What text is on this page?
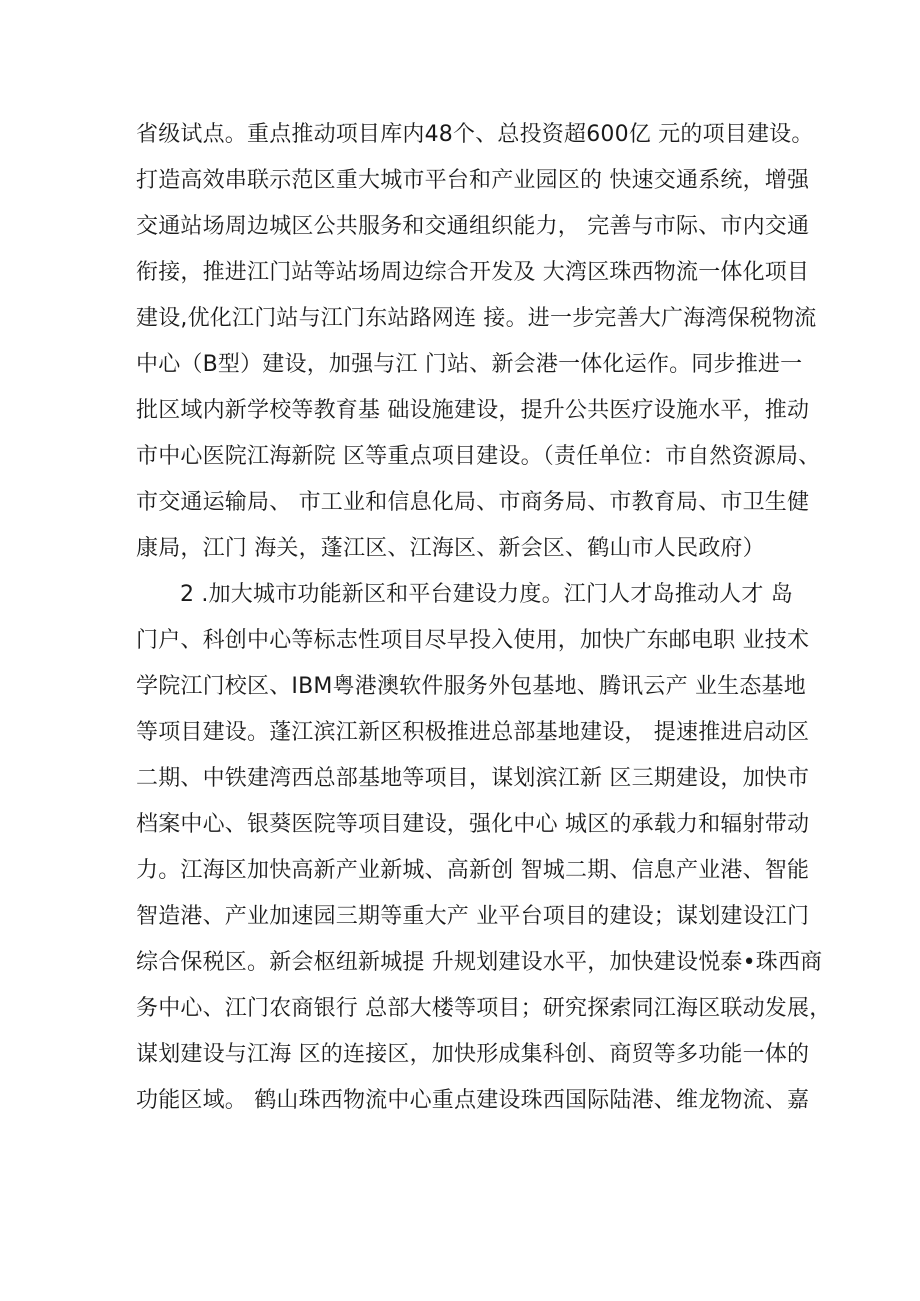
省级试点。重点推动项目库内48个、总投资超600亿 元的项目建设。
打造高效串联示范区重大城市平台和产业园区的 快速交通系统，增强
交通站场周边城区公共服务和交通组织能力， 完善与市际、市内交通
衔接，推进江门站等站场周边综合开发及 大湾区珠西物流一体化项目
建设,优化江门站与江门东站路网连 接。进一步完善大广海湾保税物流
中心（B型）建设，加强与江 门站、新会港一体化运作。同步推进一
批区域内新学校等教育基 础设施建设，提升公共医疗设施水平，推动
市中心医院江海新院 区等重点项目建设。（责任单位：市自然资源局、
市交通运输局、 市工业和信息化局、市商务局、市教育局、市卫生健
康局，江门 海关，蓬江区、江海区、新会区、鹤山市人民政府）
2 .加大城市功能新区和平台建设力度。江门人才岛推动人才 岛
门户、科创中心等标志性项目尽早投入使用，加快广东邮电职 业技术
学院江门校区、IBM粤港澳软件服务外包基地、腾讯云产 业生态基地
等项目建设。蓬江滨江新区积极推进总部基地建设， 提速推进启动区
二期、中铁建湾西总部基地等项目，谋划滨江新 区三期建设，加快市
档案中心、银葵医院等项目建设，强化中心 城区的承载力和辐射带动
力。江海区加快高新产业新城、高新创 智城二期、信息产业港、智能
智造港、产业加速园三期等重大产 业平台项目的建设；谋划建设江门
综合保税区。新会枢纽新城提 升规划建设水平，加快建设悦泰•珠西商
务中心、江门农商银行 总部大楼等项目；研究探索同江海区联动发展，
谋划建设与江海 区的连接区，加快形成集科创、商贸等多功能一体的
功能区域。 鹤山珠西物流中心重点建设珠西国际陆港、维龙物流、嘉
